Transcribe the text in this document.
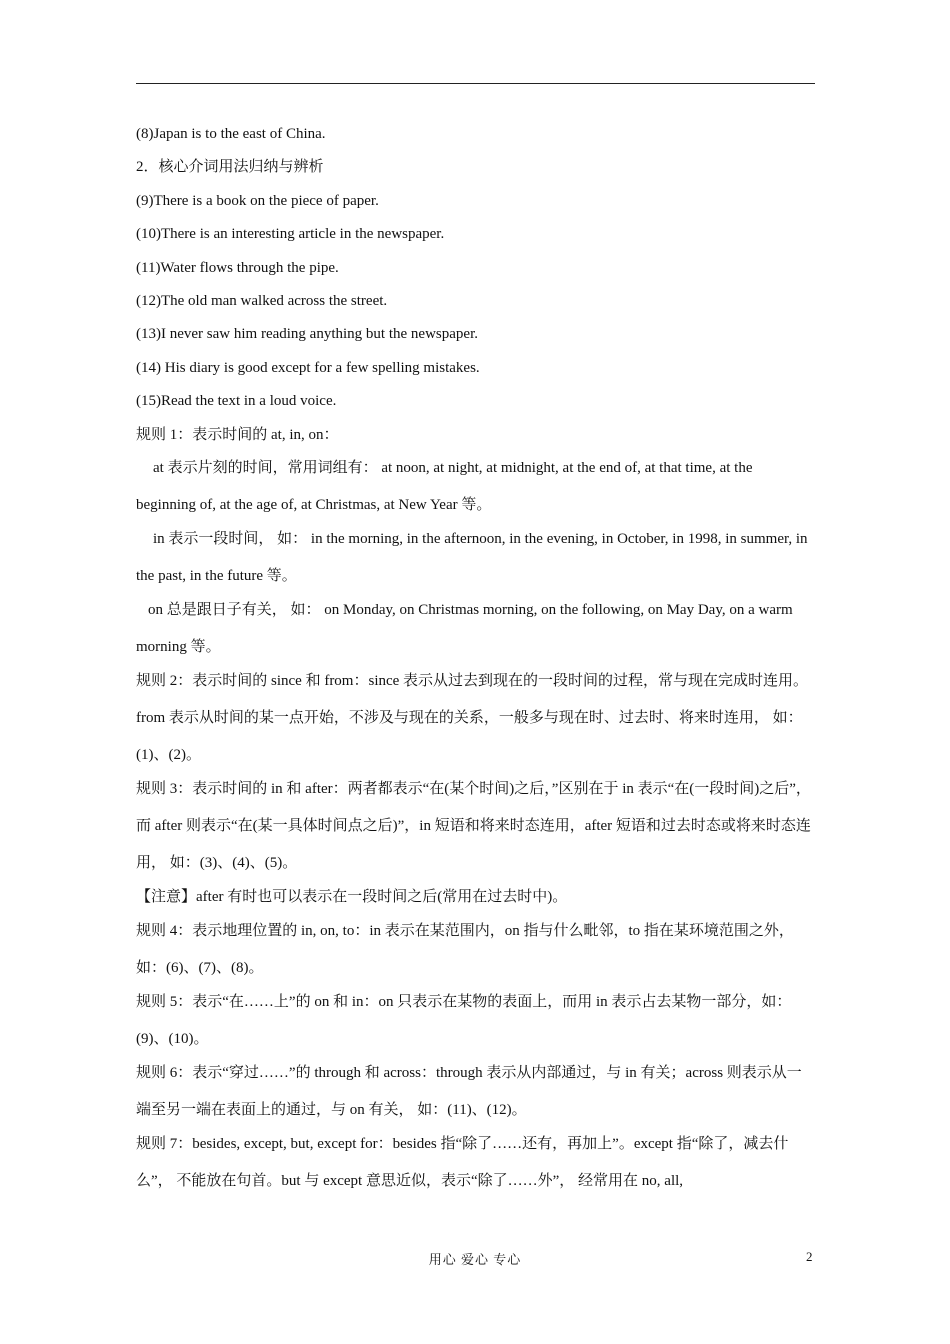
(8)Japan is to the east of China.

2．核心介词用法归纳与辨析

(9)There is a book on the piece of paper.

(10)There is an interesting article in the newspaper.

(11)Water flows through the pipe.

(12)The old man walked across the street.

(13)I never saw him reading anything but the newspaper.

(14) His diary is good except for a few spelling mistakes.

(15)Read the text in a loud voice.

规则 1：表示时间的 at, in, on：

at 表示片刻的时间，常用词组有： at noon, at night, at midnight, at the end of, at that time, at the beginning of, at the age of, at Christmas, at New Year 等。

in 表示一段时间， 如： in the morning, in the afternoon, in the evening, in October, in 1998, in summer, in the past, in the future 等。

on 总是跟日子有关， 如： on Monday, on Christmas morning, on the following, on May Day, on a warm morning 等。

规则 2：表示时间的 since 和 from：since 表示从过去到现在的一段时间的过程，常与现在完成时连用。from 表示从时间的某一点开始，不涉及与现在的关系，一般多与现在时、过去时、将来时连用， 如：(1)、(2)。

规则 3：表示时间的 in 和 after：两者都表示“在(某个时间)之后，”区别在于 in 表示“在(一段时间)之后”，而 after 则表示“在(某一具体时间点之后)”，in 短语和将来时态连用，after 短语和过去时态或将来时态连用， 如：(3)、(4)、(5)。

【注意】after 有时也可以表示在一段时间之后(常用在过去时中)。

规则 4：表示地理位置的 in, on, to：in 表示在某范围内，on 指与什么毗邻，to 指在某环境范围之外， 如：(6)、(7)、(8)。

规则 5：表示“在……上”的 on 和 in：on 只表示在某物的表面上，而用 in 表示占去某物一部分，如：(9)、(10)。

规则 6：表示“穿过……”的 through 和 across：through 表示从内部通过，与 in 有关；across 则表示从一端至另一端在表面上的通过，与 on 有关， 如：(11)、(12)。

规则 7：besides, except, but, except for：besides 指“除了……还有，再加上”。except 指“除了，减去什么”， 不能放在句首。but 与 except 意思近似，表示“除了……外”， 经常用在 no, all,

用心 爱心 专心	2
